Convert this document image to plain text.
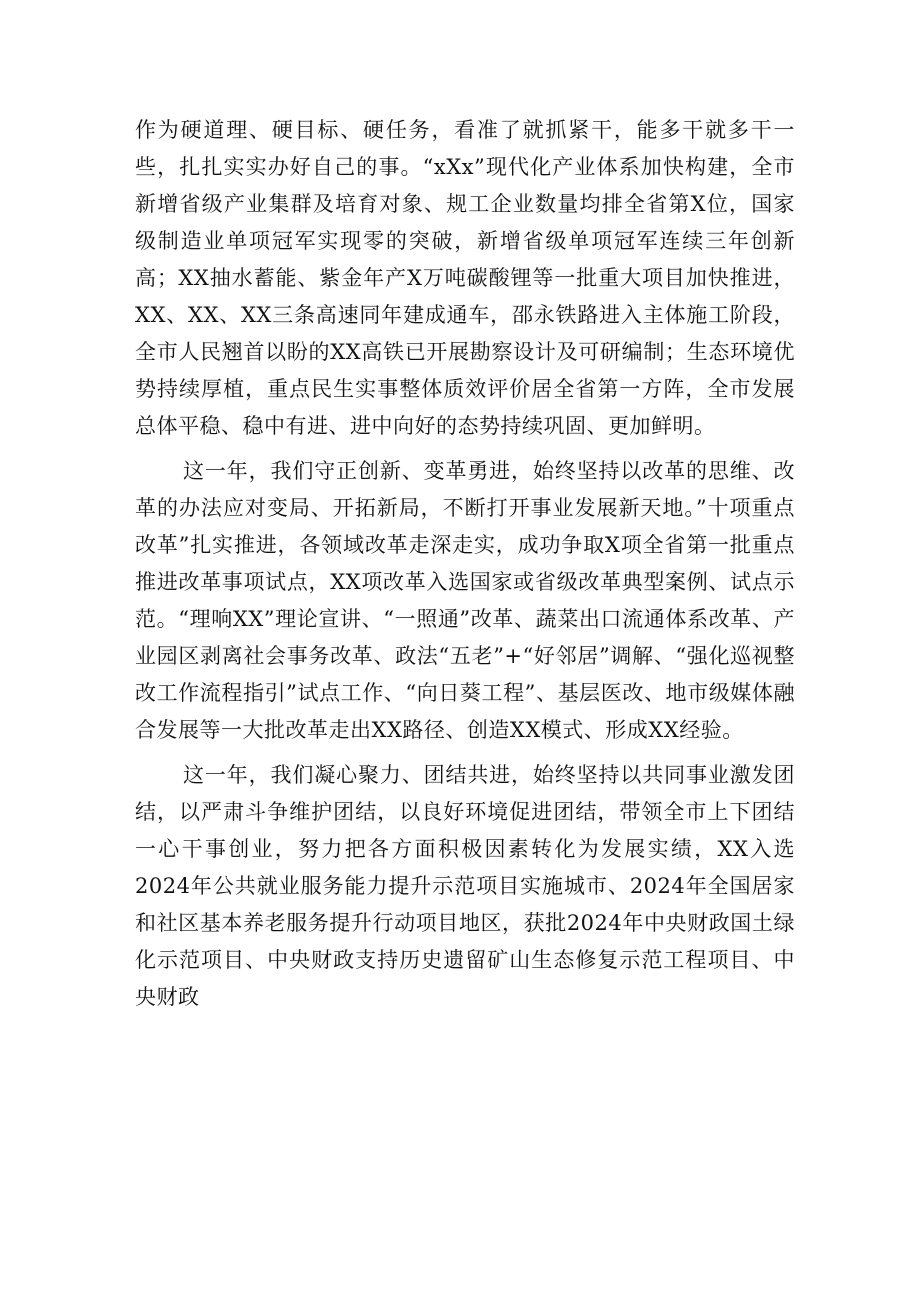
作为硬道理、硬目标、硬任务，看准了就抓紧干，能多干就多干一些，扎扎实实办好自己的事。“xXx”现代化产业体系加快构建，全市新增省级产业集群及培育对象、规工企业数量均排全省第X位，国家级制造业单项冠军实现零的突破，新增省级单项冠军连续三年创新高；XX抽水蓄能、紫金年产X万吨碳酸锂等一批重大项目加快推进，XX、XX、XX三条高速同年建成通车，邵永铁路进入主体施工阶段，全市人民翘首以盼的XX高铁已开展勘察设计及可研编制；生态环境优势持续厚植，重点民生实事整体质效评价居全省第一方阵，全市发展总体平稳、稳中有进、进中向好的态势持续巩固、更加鲜明。

这一年，我们守正创新、变革勇进，始终坚持以改革的思维、改革的办法应对变局、开拓新局，不断打开事业发展新天地。”十项重点改革”扎实推进，各领域改革走深走实，成功争取X项全省第一批重点推进改革事项试点，XX项改革入选国家或省级改革典型案例、试点示范。“理响XX”理论宣讲、“一照通”改革、蔬菜出口流通体系改革、产业园区剥离社会事务改革、政法“五老”+“好邻居”调解、“强化巡视整改工作流程指引”试点工作、“向日葵工程”、基层医改、地市级媒体融合发展等一大批改革走出XX路径、创造XX模式、形成XX经验。

这一年，我们凝心聚力、团结共进，始终坚持以共同事业激发团结，以严肃斗争维护团结，以良好环境促进团结，带领全市上下团结一心干事创业，努力把各方面积极因素转化为发展实绩，XX入选2024年公共就业服务能力提升示范项目实施城市、2024年全国居家和社区基本养老服务提升行动项目地区，获批2024年中央财政国土绿化示范项目、中央财政支持历史遗留矿山生态修复示范工程项目、中央财政
